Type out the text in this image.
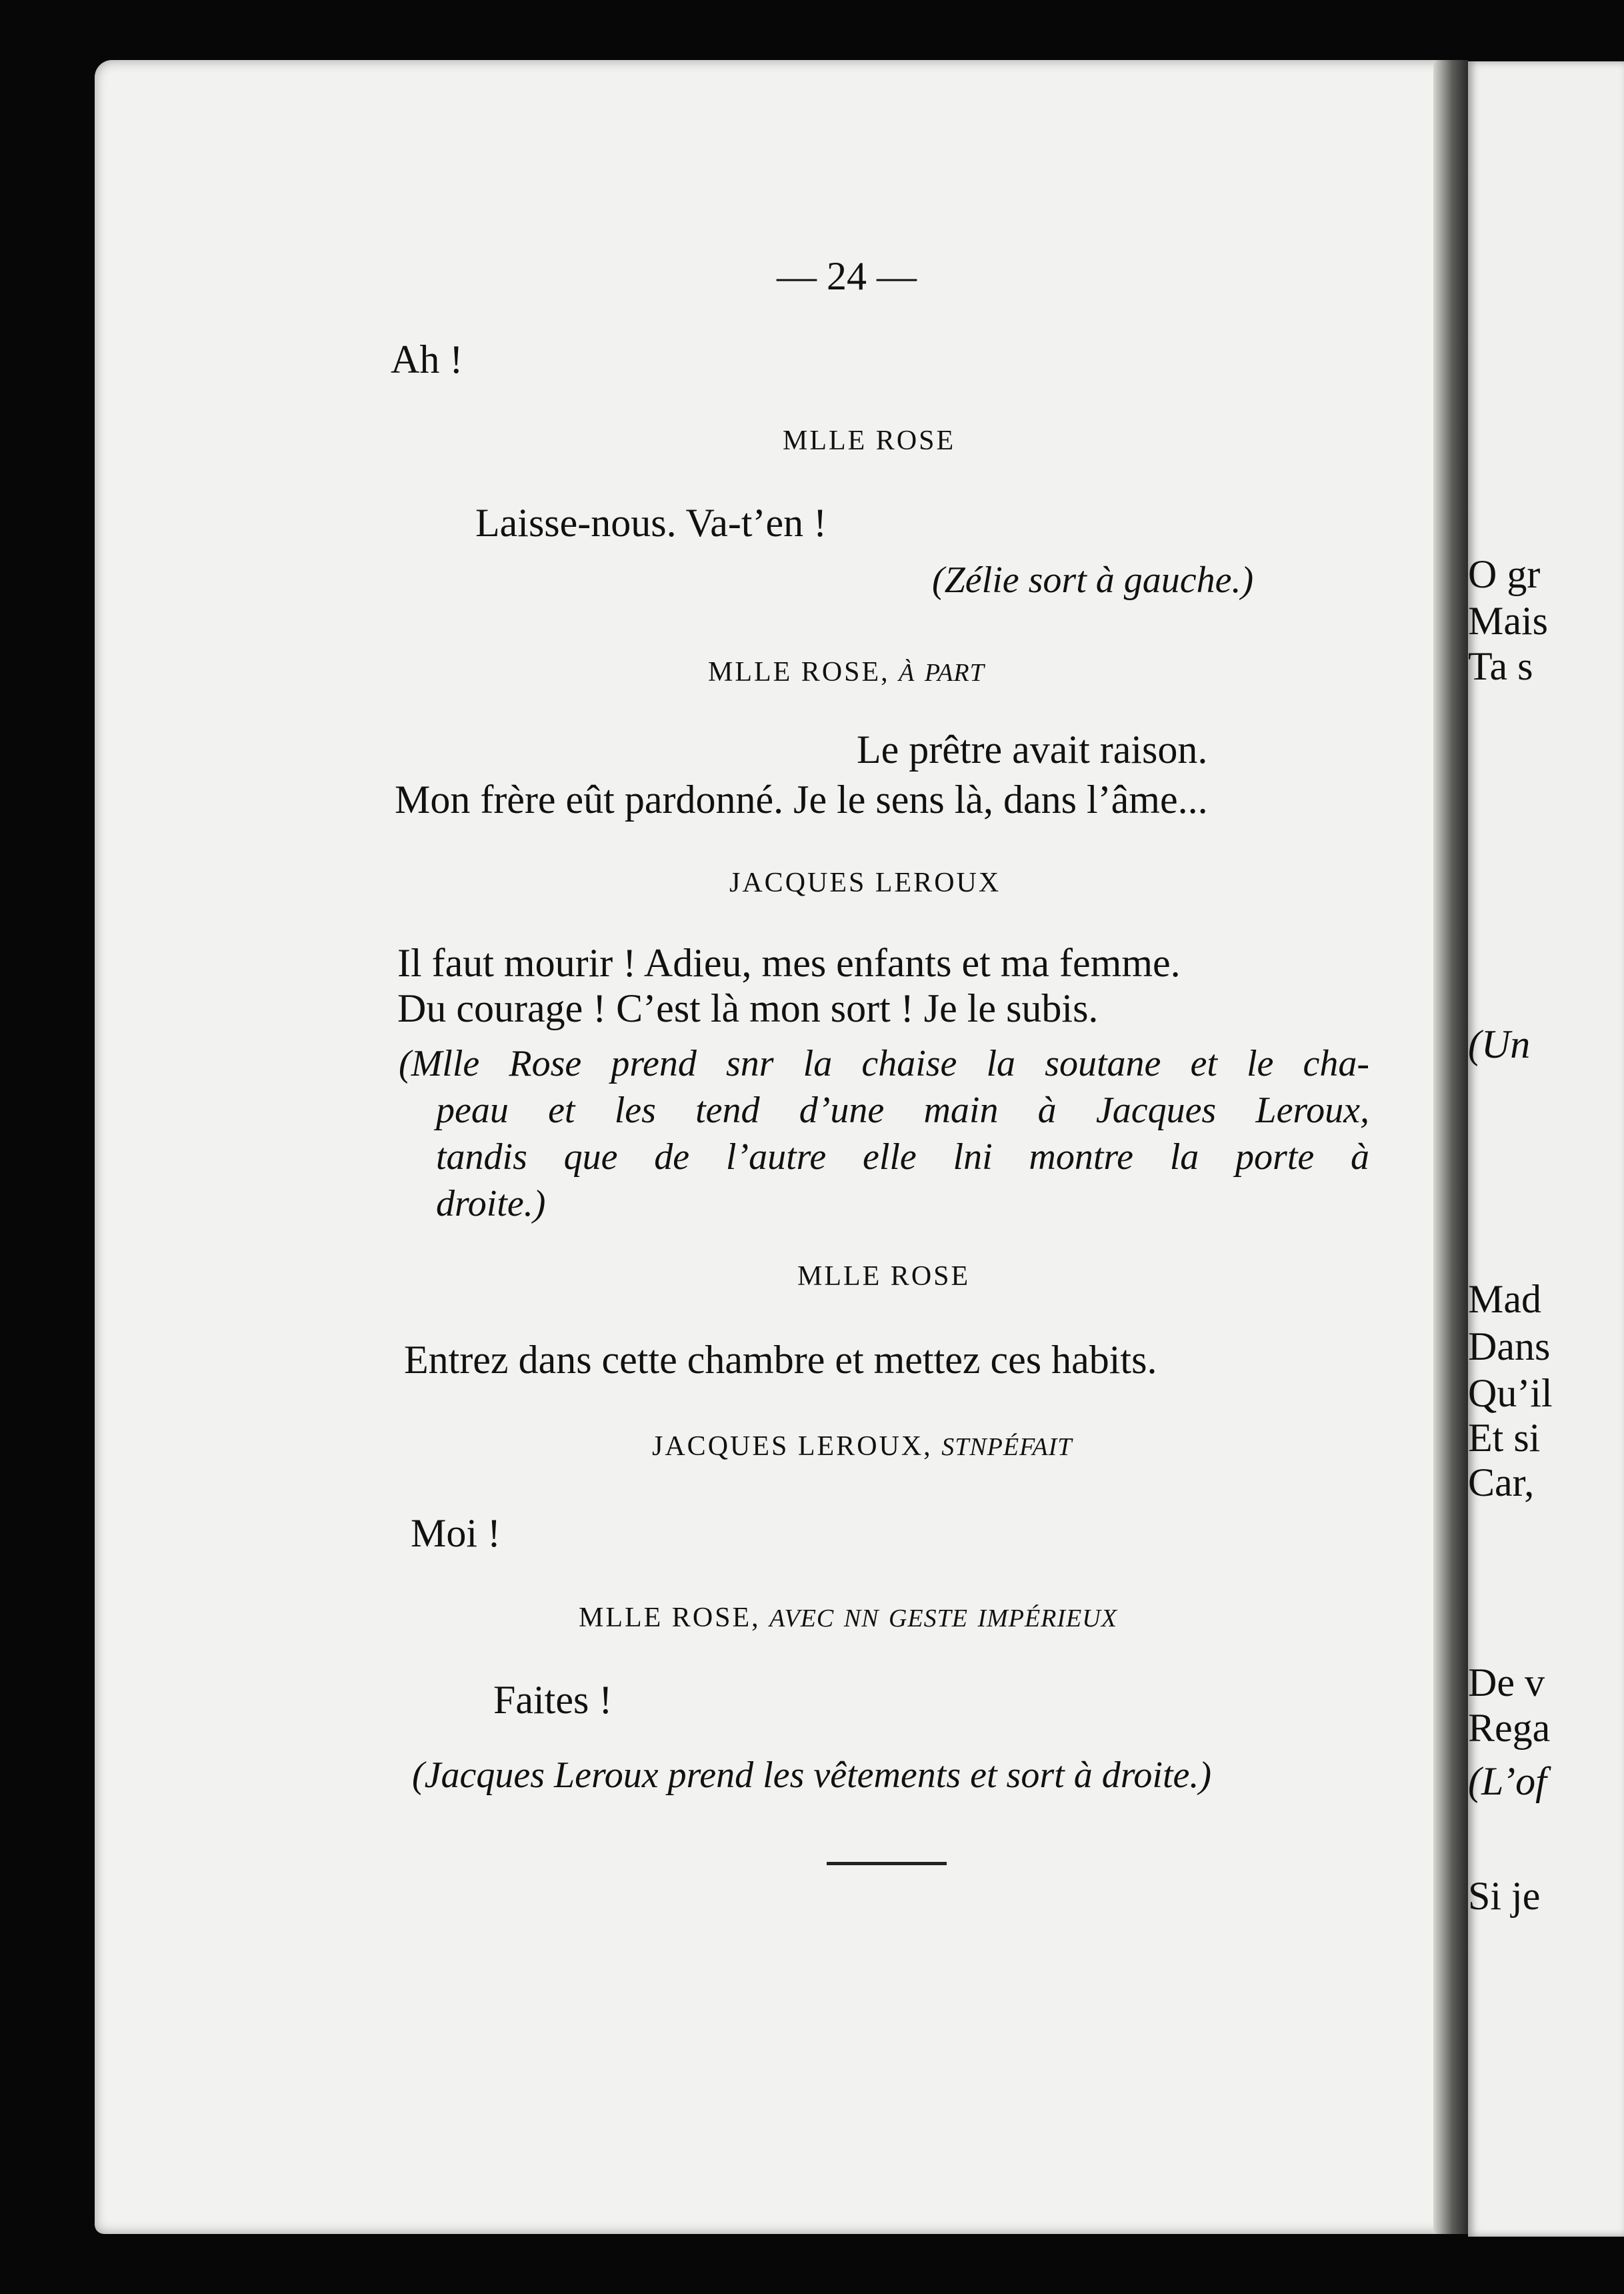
O gr
Mais
Ta s
(Un
Mad
Dans
Qu’il
Et si
Car,
De v
Rega
(L’of
Si je
— 24 —
Ah !
MLLE ROSE
Laisse-nous. Va-t’en !
(Zélie sort à gauche.)
MLLE ROSE, à part
Le prêtre avait raison.
Mon frère eût pardonné. Je le sens là, dans l’âme...
JACQUES LEROUX
Il faut mourir ! Adieu, mes enfants et ma femme.
Du courage ! C’est là mon sort ! Je le subis.
(Mlle Rose prend snr la chaise la soutane et le cha-
peau et les tend d’une main à Jacques Leroux,
tandis que de l’autre elle lni montre la porte à
droite.)
MLLE ROSE
Entrez dans cette chambre et mettez ces habits.
JACQUES LEROUX, stnpéfait
Moi !
MLLE ROSE, avec nn geste impérieux
Faites !
(Jacques Leroux prend les vêtements et sort à droite.)
